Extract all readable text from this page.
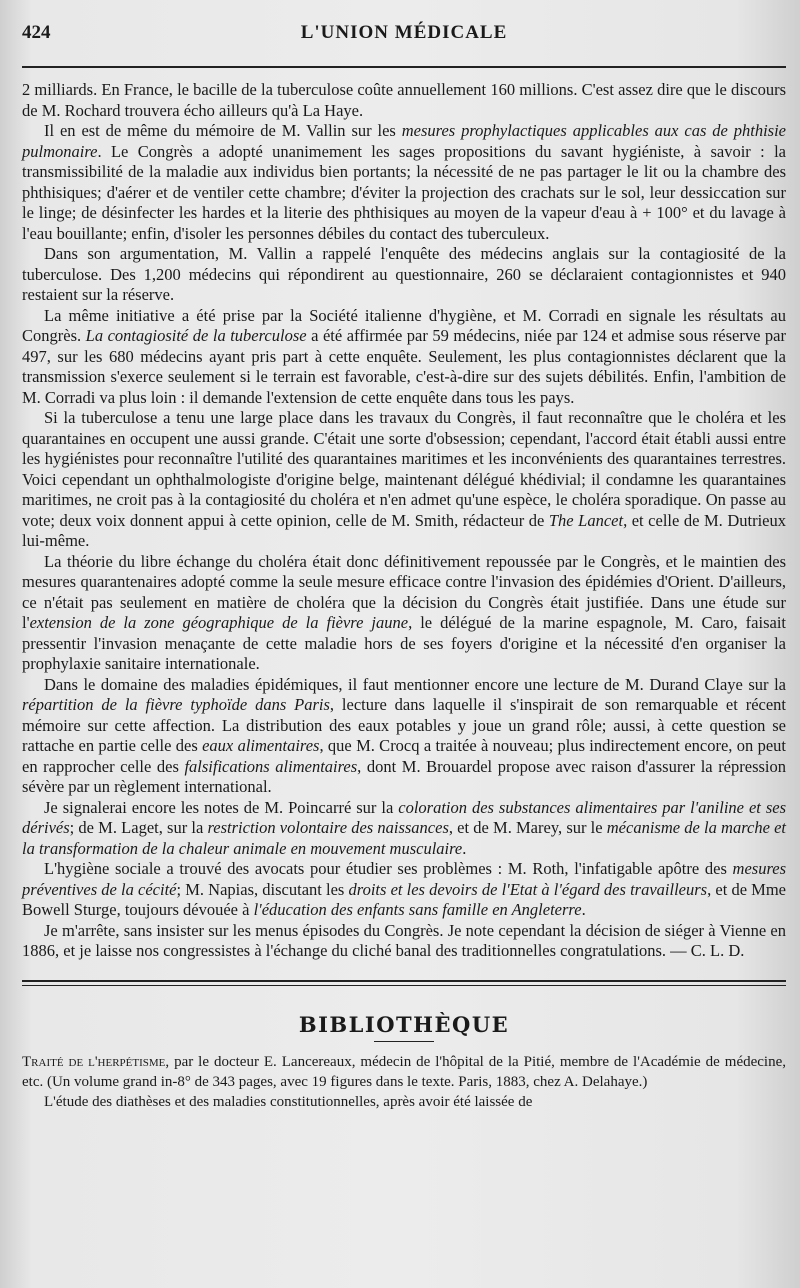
424	L'UNION MÉDICALE

2 milliards. En France, le bacille de la tuberculose coûte annuellement 160 millions. C'est assez dire que le discours de M. Rochard trouvera écho ailleurs qu'à La Haye.

Il en est de même du mémoire de M. Vallin sur les mesures prophylactiques applicables aux cas de phthisie pulmonaire. Le Congrès a adopté unanimement les sages propositions du savant hygiéniste, à savoir : la transmissibilité de la maladie aux individus bien portants; la nécessité de ne pas partager le lit ou la chambre des phthisiques; d'aérer et de ventiler cette chambre; d'éviter la projection des crachats sur le sol, leur dessiccation sur le linge; de désinfecter les hardes et la literie des phthisiques au moyen de la vapeur d'eau à + 100° et du lavage à l'eau bouillante; enfin, d'isoler les personnes débiles du contact des tuberculeux.

Dans son argumentation, M. Vallin a rappelé l'enquête des médecins anglais sur la contagiosité de la tuberculose. Des 1,200 médecins qui répondirent au questionnaire, 260 se déclaraient contagionnistes et 940 restaient sur la réserve.

La même initiative a été prise par la Société italienne d'hygiène, et M. Corradi en signale les résultats au Congrès. La contagiosité de la tuberculose a été affirmée par 59 médecins, niée par 124 et admise sous réserve par 497, sur les 680 médecins ayant pris part à cette enquête. Seulement, les plus contagionnistes déclarent que la transmission s'exerce seulement si le terrain est favorable, c'est-à-dire sur des sujets débilités. Enfin, l'ambition de M. Corradi va plus loin : il demande l'extension de cette enquête dans tous les pays.

Si la tuberculose a tenu une large place dans les travaux du Congrès, il faut reconnaître que le choléra et les quarantaines en occupent une aussi grande. C'était une sorte d'obsession; cependant, l'accord était établi aussi entre les hygiénistes pour reconnaître l'utilité des quarantaines maritimes et les inconvénients des quarantaines terrestres. Voici cependant un ophthalmologiste d'origine belge, maintenant délégué khédivial; il condamne les quarantaines maritimes, ne croit pas à la contagiosité du choléra et n'en admet qu'une espèce, le choléra sporadique. On passe au vote; deux voix donnent appui à cette opinion, celle de M. Smith, rédacteur de The Lancet, et celle de M. Dutrieux lui-même.

La théorie du libre échange du choléra était donc définitivement repoussée par le Congrès, et le maintien des mesures quarantenaires adopté comme la seule mesure efficace contre l'invasion des épidémies d'Orient. D'ailleurs, ce n'était pas seulement en matière de choléra que la décision du Congrès était justifiée. Dans une étude sur l'extension de la zone géographique de la fièvre jaune, le délégué de la marine espagnole, M. Caro, faisait pressentir l'invasion menaçante de cette maladie hors de ses foyers d'origine et la nécessité d'en organiser la prophylaxie sanitaire internationale.

Dans le domaine des maladies épidémiques, il faut mentionner encore une lecture de M. Durand Claye sur la répartition de la fièvre typhoïde dans Paris, lecture dans laquelle il s'inspirait de son remarquable et récent mémoire sur cette affection. La distribution des eaux potables y joue un grand rôle; aussi, à cette question se rattache en partie celle des eaux alimentaires, que M. Crocq a traitée à nouveau; plus indirectement encore, on peut en rapprocher celle des falsifications alimentaires, dont M. Brouardel propose avec raison d'assurer la répression sévère par un règlement international.

Je signalerai encore les notes de M. Poincarré sur la coloration des substances alimentaires par l'aniline et ses dérivés; de M. Laget, sur la restriction volontaire des naissances, et de M. Marey, sur le mécanisme de la marche et la transformation de la chaleur animale en mouvement musculaire.

L'hygiène sociale a trouvé des avocats pour étudier ses problèmes : M. Roth, l'infatigable apôtre des mesures préventives de la cécité; M. Napias, discutant les droits et les devoirs de l'Etat à l'égard des travailleurs, et de Mme Bowell Sturge, toujours dévouée à l'éducation des enfants sans famille en Angleterre.

Je m'arrête, sans insister sur les menus épisodes du Congrès. Je note cependant la décision de siéger à Vienne en 1886, et je laisse nos congressistes à l'échange du cliché banal des traditionnelles congratulations. — C. L. D.

BIBLIOTHÈQUE

Traité de l'herpétisme, par le docteur E. Lancereaux, médecin de l'hôpital de la Pitié, membre de l'Académie de médecine, etc. (Un volume grand in-8° de 343 pages, avec 19 figures dans le texte. Paris, 1883, chez A. Delahaye.)

L'étude des diathèses et des maladies constitutionnelles, après avoir été laissée de
